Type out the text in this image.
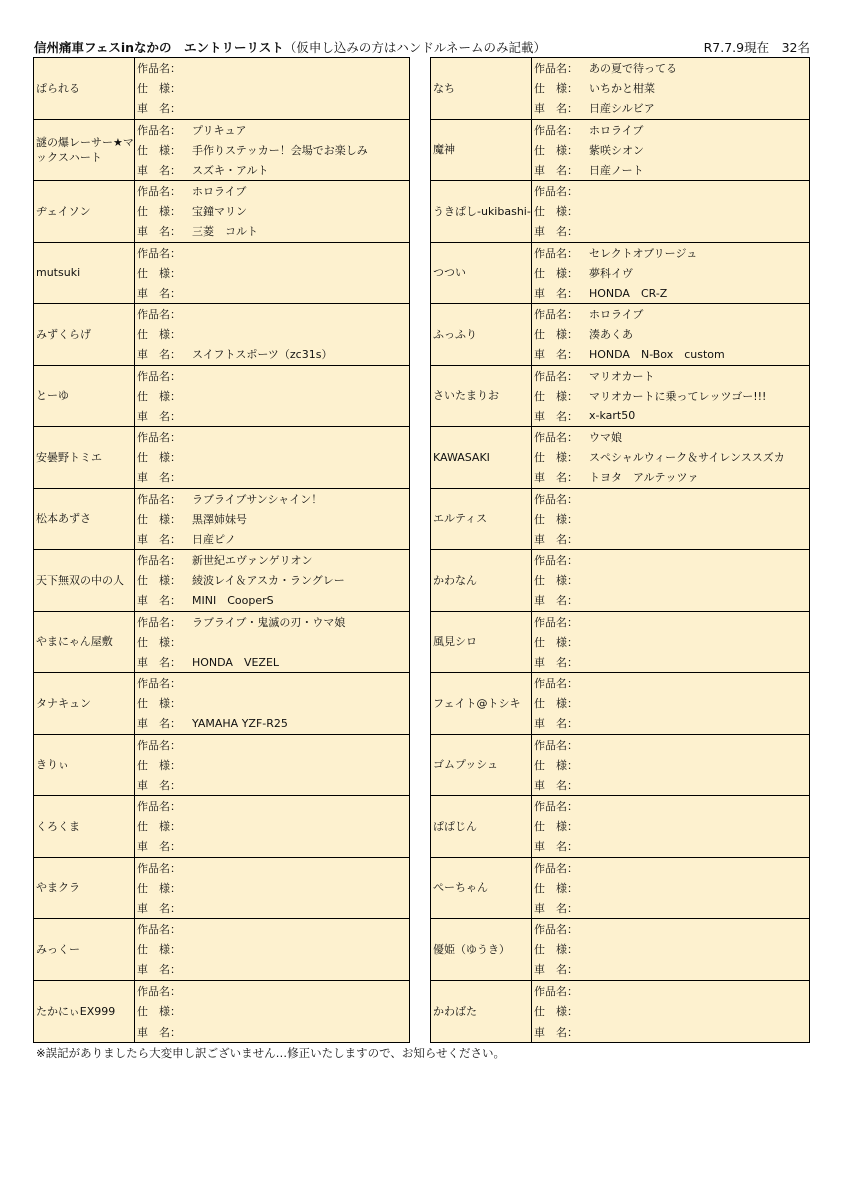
信州痛車フェスinなかの　エントリーリスト（仮申し込みの方はハンドルネームのみ記載）	R7.7.9現在　32名
ぱられる
作品名：
仕　様：
車　名：
謎の爆レーサー★マックスハート
作品名：	プリキュア
仕　様：	手作りステッカー！会場でお楽しみ
車　名：	スズキ・アルト
ヂェイソン
作品名：	ホロライブ
仕　様：	宝鐘マリン
車　名：	三菱　コルト
mutsuki
作品名：
仕　様：
車　名：
みずくらげ
作品名：
仕　様：
車　名：	スイフトスポーツ（zc31s）
とーゆ
作品名：
仕　様：
車　名：
安曇野トミエ
作品名：
仕　様：
車　名：
松本あずさ
作品名：	ラブライブサンシャイン！
仕　様：	黒澤姉妹号
車　名：	日産ピノ
天下無双の中の人
作品名：	新世紀エヴァンゲリオン
仕　様：	綾波レイ＆アスカ・ラングレー
車　名：	MINI　CooperS
やまにゃん屋敷
作品名：	ラブライブ・鬼滅の刃・ウマ娘
仕　様：
車　名：	HONDA　VEZEL
タナキュン
作品名：
仕　様：
車　名：	YAMAHA YZF-R25
きりぃ
作品名：
仕　様：
車　名：
くろくま
作品名：
仕　様：
車　名：
やまクラ
作品名：
仕　様：
車　名：
みっくー
作品名：
仕　様：
車　名：
たかにぃEX999
作品名：
仕　様：
車　名：
なち
作品名：	あの夏で待ってる
仕　様：	いちかと柑菜
車　名：	日産シルビア
魔神
作品名：	ホロライブ
仕　様：	紫咲シオン
車　名：	日産ノート
うきぱし-ukibashi-
作品名：
仕　様：
車　名：
つつい
作品名：	セレクトオブリージュ
仕　様：	夢科イヴ
車　名：	HONDA　CR-Z
ふっふり
作品名：	ホロライブ
仕　様：	湊あくあ
車　名：	HONDA　N-Box　custom
さいたまりお
作品名：	マリオカート
仕　様：	マリオカートに乗ってレッツゴー!!!
車　名：	x-kart50
KAWASAKI
作品名：	ウマ娘
仕　様：	スペシャルウィーク＆サイレンススズカ
車　名：	トヨタ　アルテッツァ
エルティス
作品名：
仕　様：
車　名：
かわなん
作品名：
仕　様：
車　名：
風見シロ
作品名：
仕　様：
車　名：
フェイト@トシキ
作品名：
仕　様：
車　名：
ゴムプッシュ
作品名：
仕　様：
車　名：
ぱぱじん
作品名：
仕　様：
車　名：
ぺーちゃん
作品名：
仕　様：
車　名：
優姫（ゆうき）
作品名：
仕　様：
車　名：
かわばた
作品名：
仕　様：
車　名：
※誤記がありましたら大変申し訳ございません…修正いたしますので、お知らせください。
